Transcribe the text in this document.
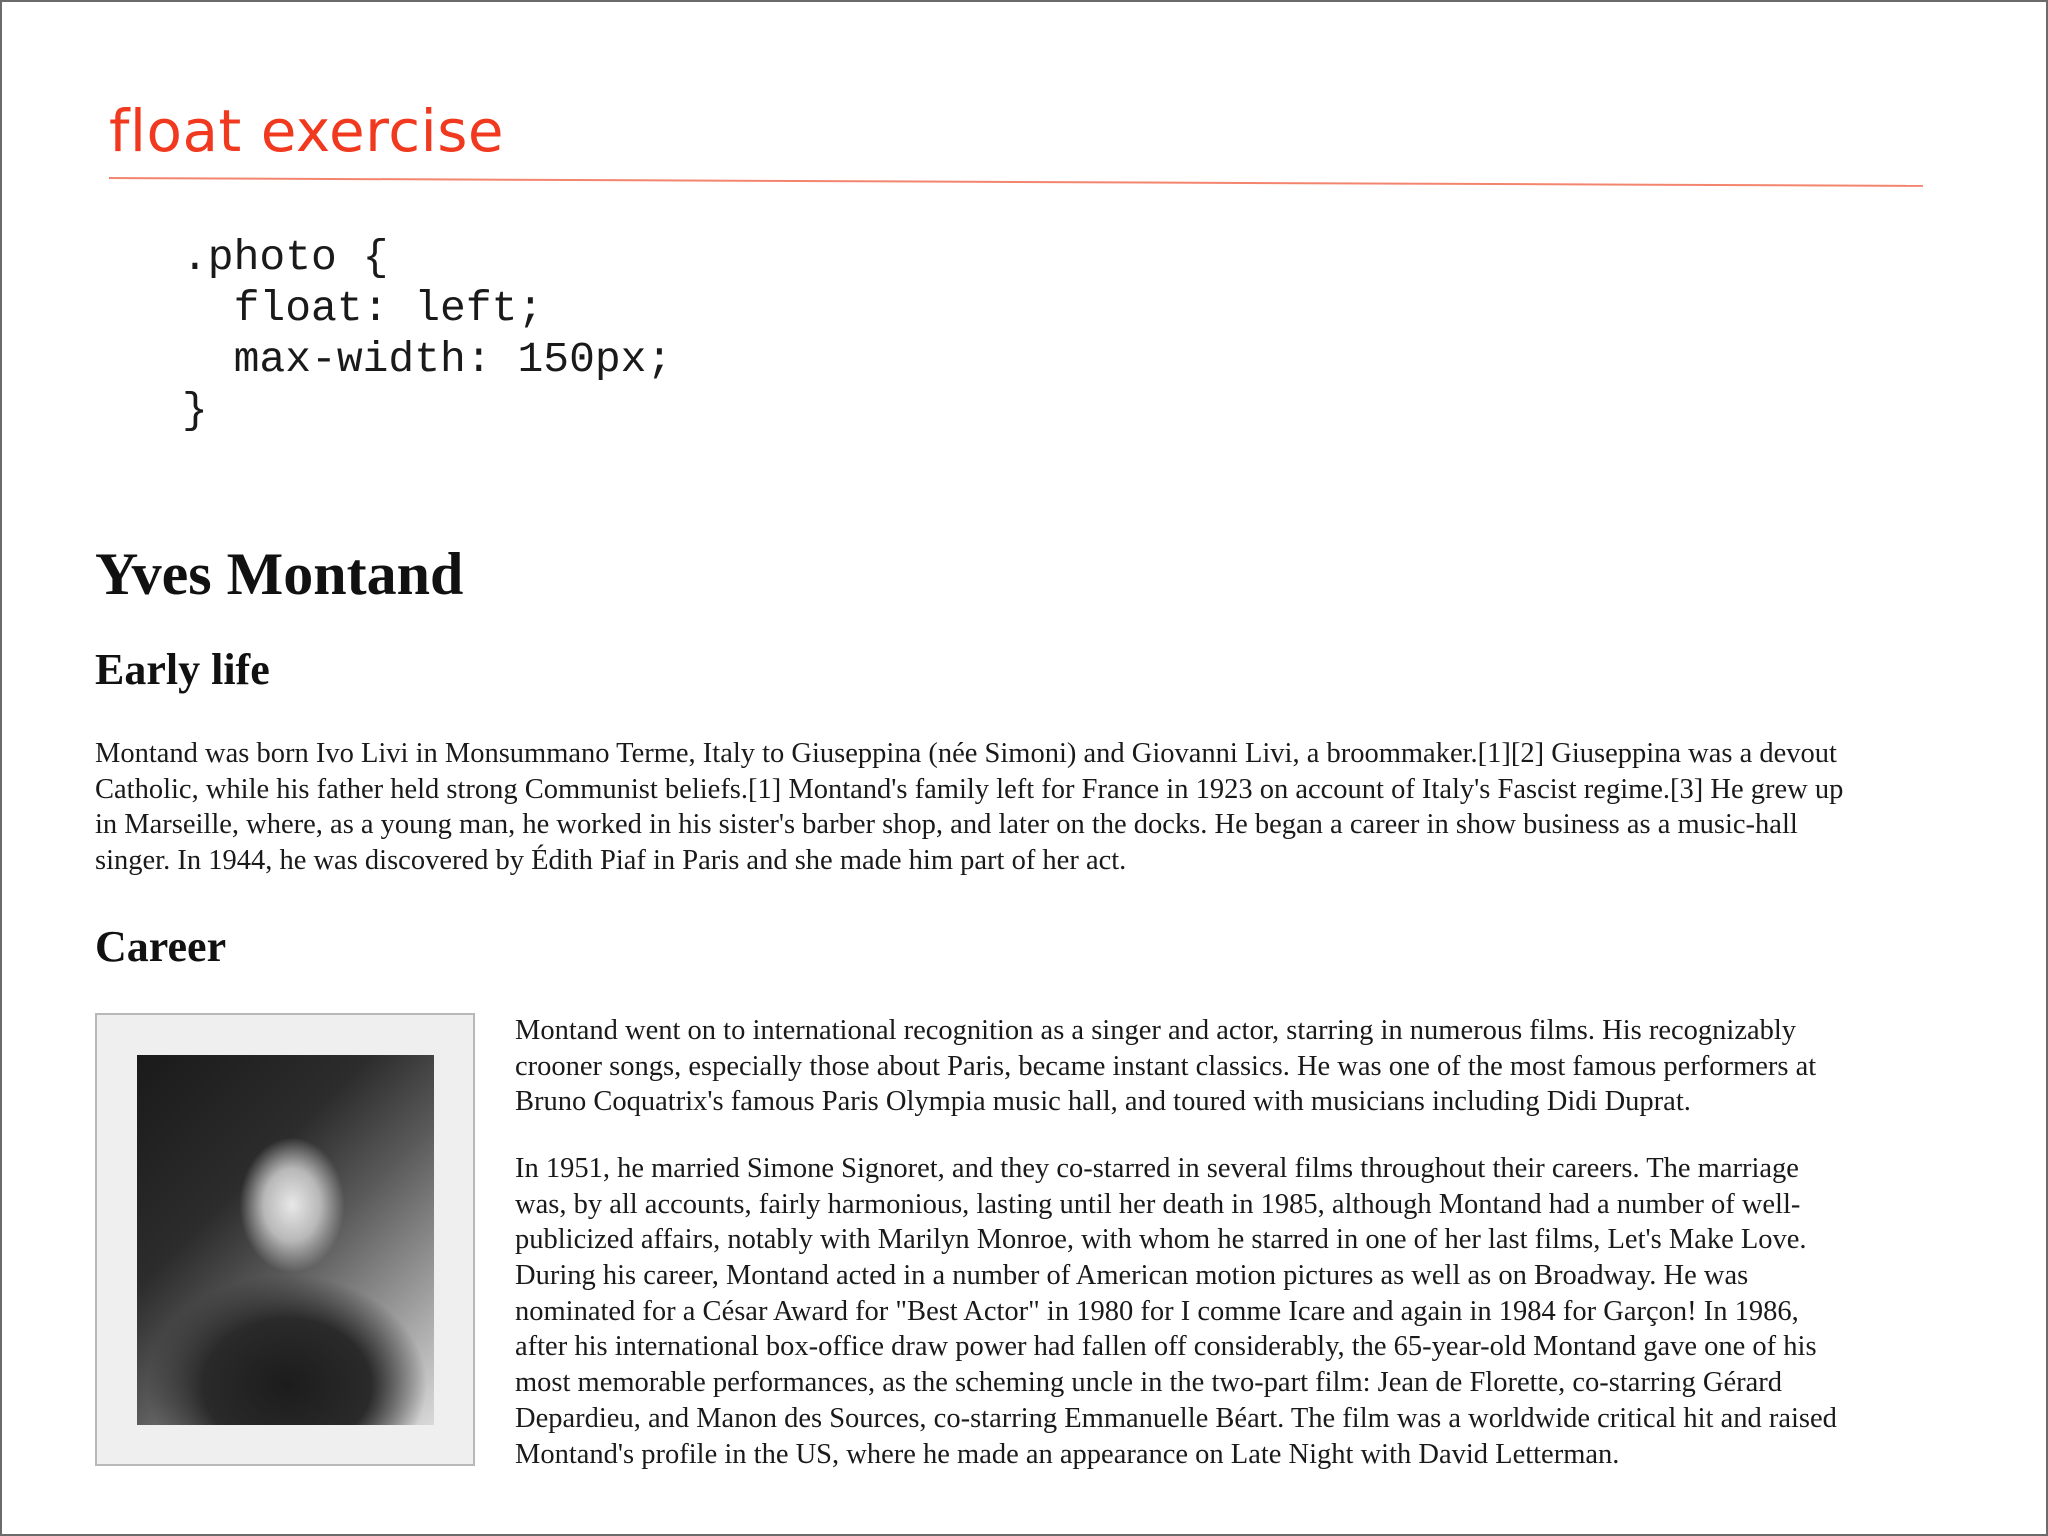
float exercise
.photo {
float: left;
max-width: 150px;
}
Yves Montand
Early life

Montand was born Ivo Livi in Monsummano Terme, Italy to Giuseppina (née Simoni) and Giovanni Livi, a broommaker.[1][2] Giuseppina was a devout Catholic, while his father held strong Communist beliefs.[1] Montand's family left for France in 1923 on account of Italy's Fascist regime.[3] He grew up in Marseille, where, as a young man, he worked in his sister's barber shop, and later on the docks. He began a career in show business as a music-hall singer. In 1944, he was discovered by Édith Piaf in Paris and she made him part of her act.

Career

Montand went on to international recognition as a singer and actor, starring in numerous films. His recognizably crooner songs, especially those about Paris, became instant classics. He was one of the most famous performers at Bruno Coquatrix's famous Paris Olympia music hall, and toured with musicians including Didi Duprat.

In 1951, he married Simone Signoret, and they co-starred in several films throughout their careers. The marriage was, by all accounts, fairly harmonious, lasting until her death in 1985, although Montand had a number of well-publicized affairs, notably with Marilyn Monroe, with whom he starred in one of her last films, Let's Make Love. During his career, Montand acted in a number of American motion pictures as well as on Broadway. He was nominated for a César Award for "Best Actor" in 1980 for I comme Icare and again in 1984 for Garçon! In 1986, after his international box-office draw power had fallen off considerably, the 65-year-old Montand gave one of his most memorable performances, as the scheming uncle in the two-part film: Jean de Florette, co-starring Gérard Depardieu, and Manon des Sources, co-starring Emmanuelle Béart. The film was a worldwide critical hit and raised Montand's profile in the US, where he made an appearance on Late Night with David Letterman.
